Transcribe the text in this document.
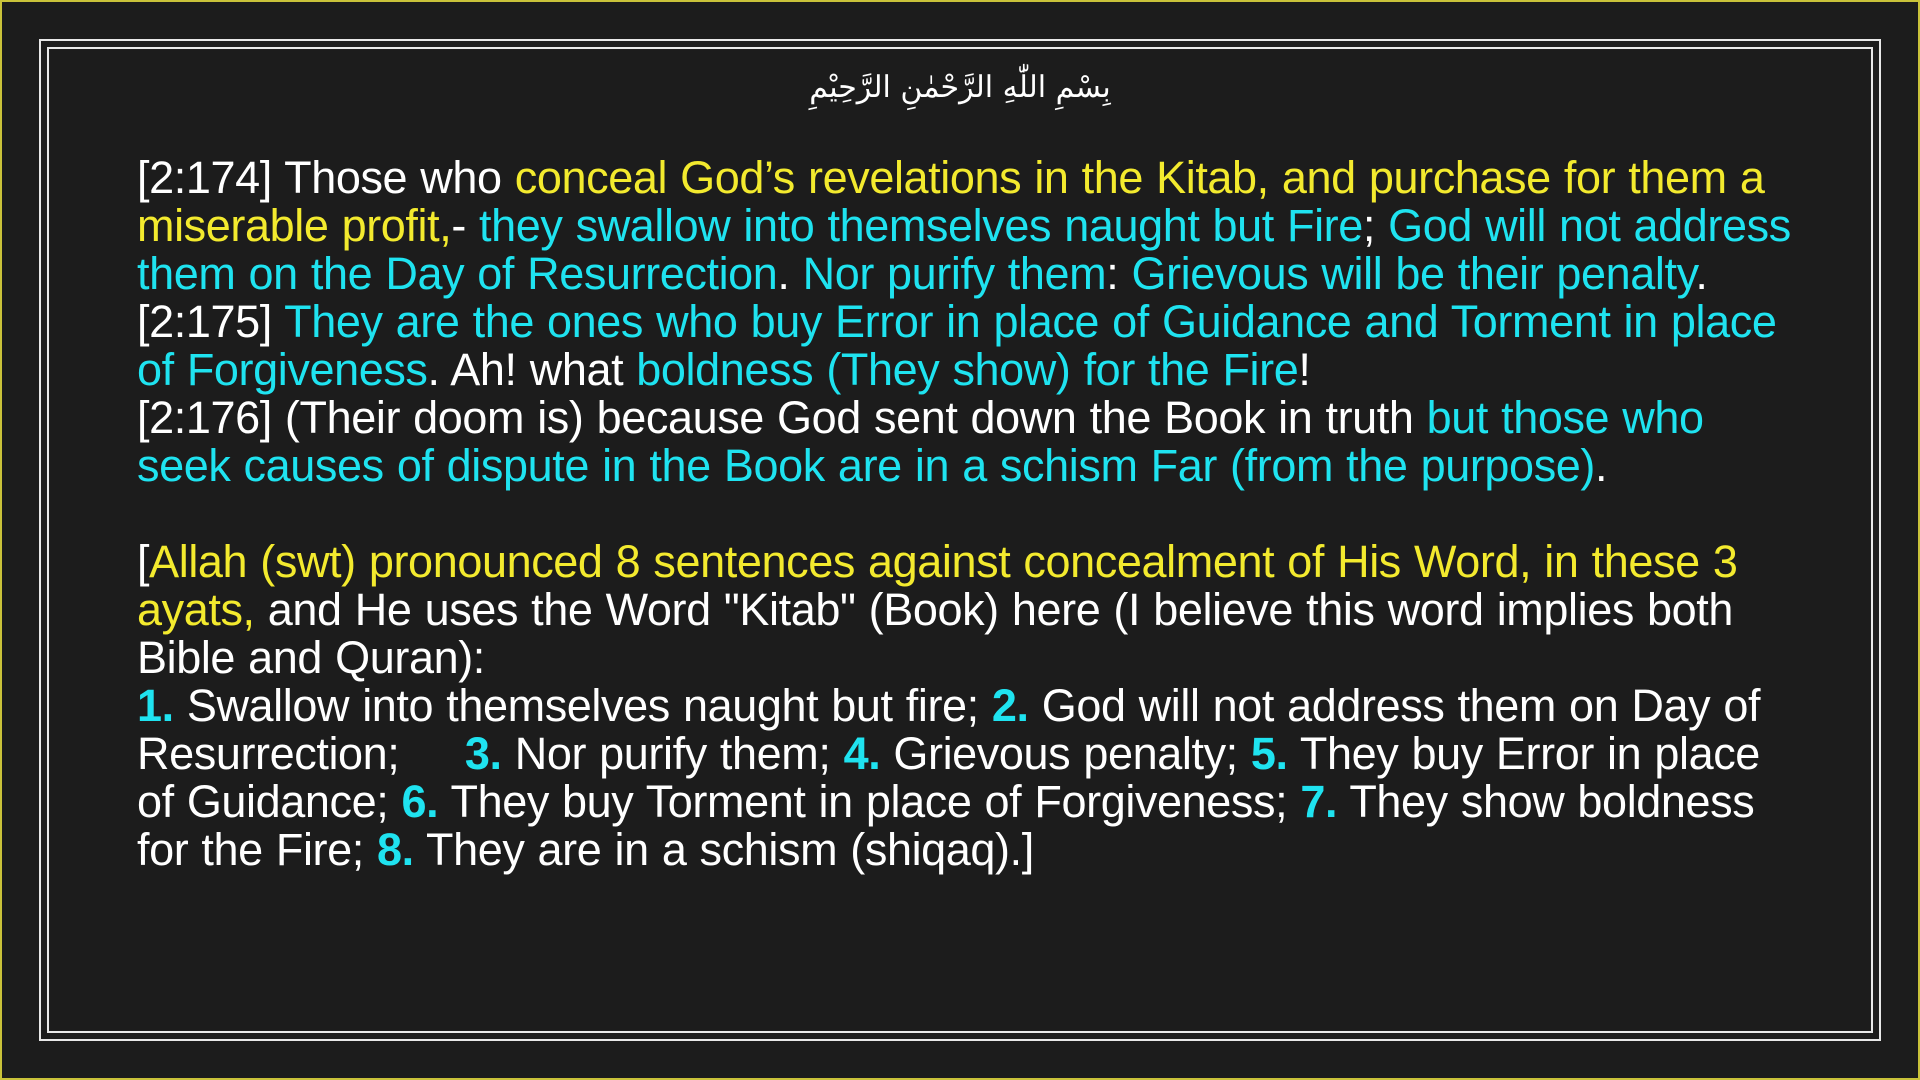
بِسْمِ اللّٰهِ الرَّحْمٰنِ الرَّحِيْمِ

[2:174] Those who conceal God’s revelations in the Kitab, and purchase for them a miserable profit,- they swallow into themselves naught but Fire; God will not address them on the Day of Resurrection. Nor purify them: Grievous will be their penalty.

[2:175] They are the ones who buy Error in place of Guidance and Torment in place of Forgiveness. Ah! what boldness (They show) for the Fire!

[2:176] (Their doom is) because God sent down the Book in truth but those who seek causes of dispute in the Book are in a schism Far (from the purpose).

[Allah (swt) pronounced 8 sentences against concealment of His Word, in these 3 ayats, and He uses the Word "Kitab" (Book) here (I believe this word implies both Bible and Quran):

1. Swallow into themselves naught but fire; 2. God will not address them on Day of Resurrection;     3. Nor purify them; 4. Grievous penalty; 5. They buy Error in place of Guidance; 6. They buy Torment in place of Forgiveness; 7. They show boldness for the Fire; 8. They are in a schism (shiqaq).]
